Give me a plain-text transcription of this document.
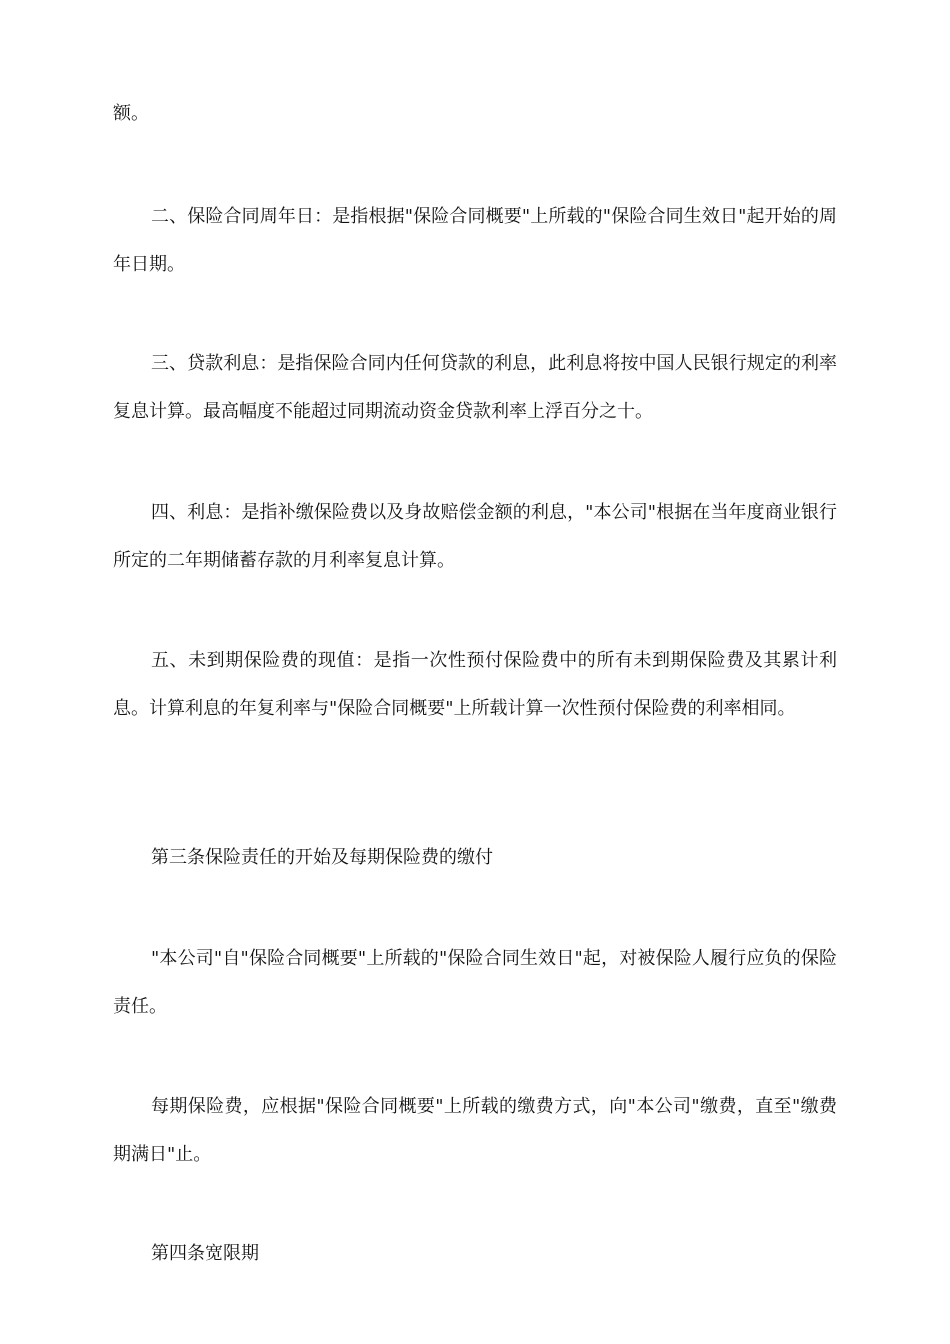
额。

二、保险合同周年日：是指根据"保险合同概要"上所载的"保险合同生效日"起开始的周年日期。

三、贷款利息：是指保险合同内任何贷款的利息，此利息将按中国人民银行规定的利率复息计算。最高幅度不能超过同期流动资金贷款利率上浮百分之十。

四、利息：是指补缴保险费以及身故赔偿金额的利息，"本公司"根据在当年度商业银行所定的二年期储蓄存款的月利率复息计算。

五、未到期保险费的现值：是指一次性预付保险费中的所有未到期保险费及其累计利息。计算利息的年复利率与"保险合同概要"上所载计算一次性预付保险费的利率相同。

第三条保险责任的开始及每期保险费的缴付

"本公司"自"保险合同概要"上所载的"保险合同生效日"起，对被保险人履行应负的保险责任。

每期保险费，应根据"保险合同概要"上所载的缴费方式，向"本公司"缴费，直至"缴费期满日"止。

第四条宽限期
